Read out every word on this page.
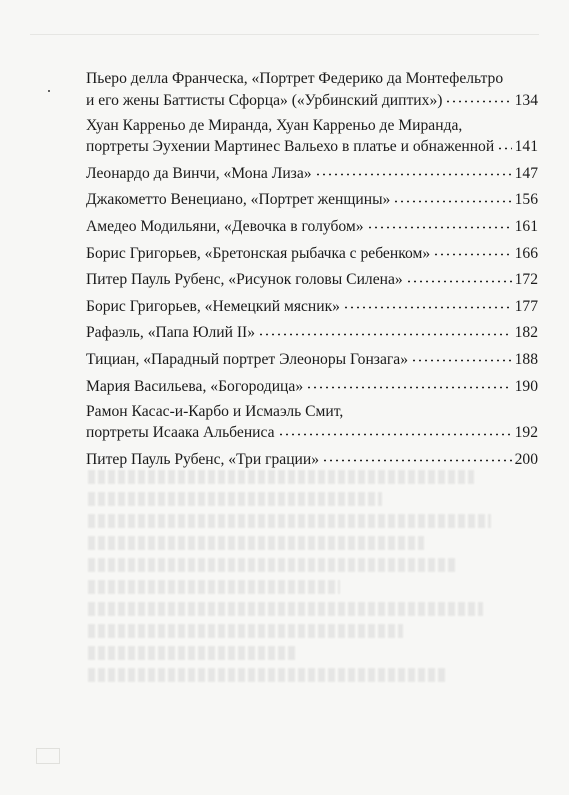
Пьеро делла Франческа, «Портрет Федерико да Монтефельтро
и его жены Баттисты Сфорца» («Урбинский диптих»)	134
Хуан Карреньо де Миранда, Хуан Карреньо де Миранда,
портреты Эухении Мартинес Вальехо в платье и обнаженной 141
Леонардо да Винчи, «Мона Лиза»	147
Джакометто Венециано, «Портрет женщины»	156
Амедео Модильяни, «Девочка в голубом»	161
Борис Григорьев, «Бретонская рыбачка с ребенком»	166
Питер Пауль Рубенс, «Рисунок головы Силена»	172
Борис Григорьев, «Немецкий мясник»	177
Рафаэль, «Папа Юлий II»	182
Тициан, «Парадный портрет Элеоноры Гонзага»	188
Мария Васильева, «Богородица»	190
Рамон Касас-и-Карбо и Исмаэль Смит,
портреты Исаака Альбениса	192
Питер Пауль Рубенс, «Три грации»	200
